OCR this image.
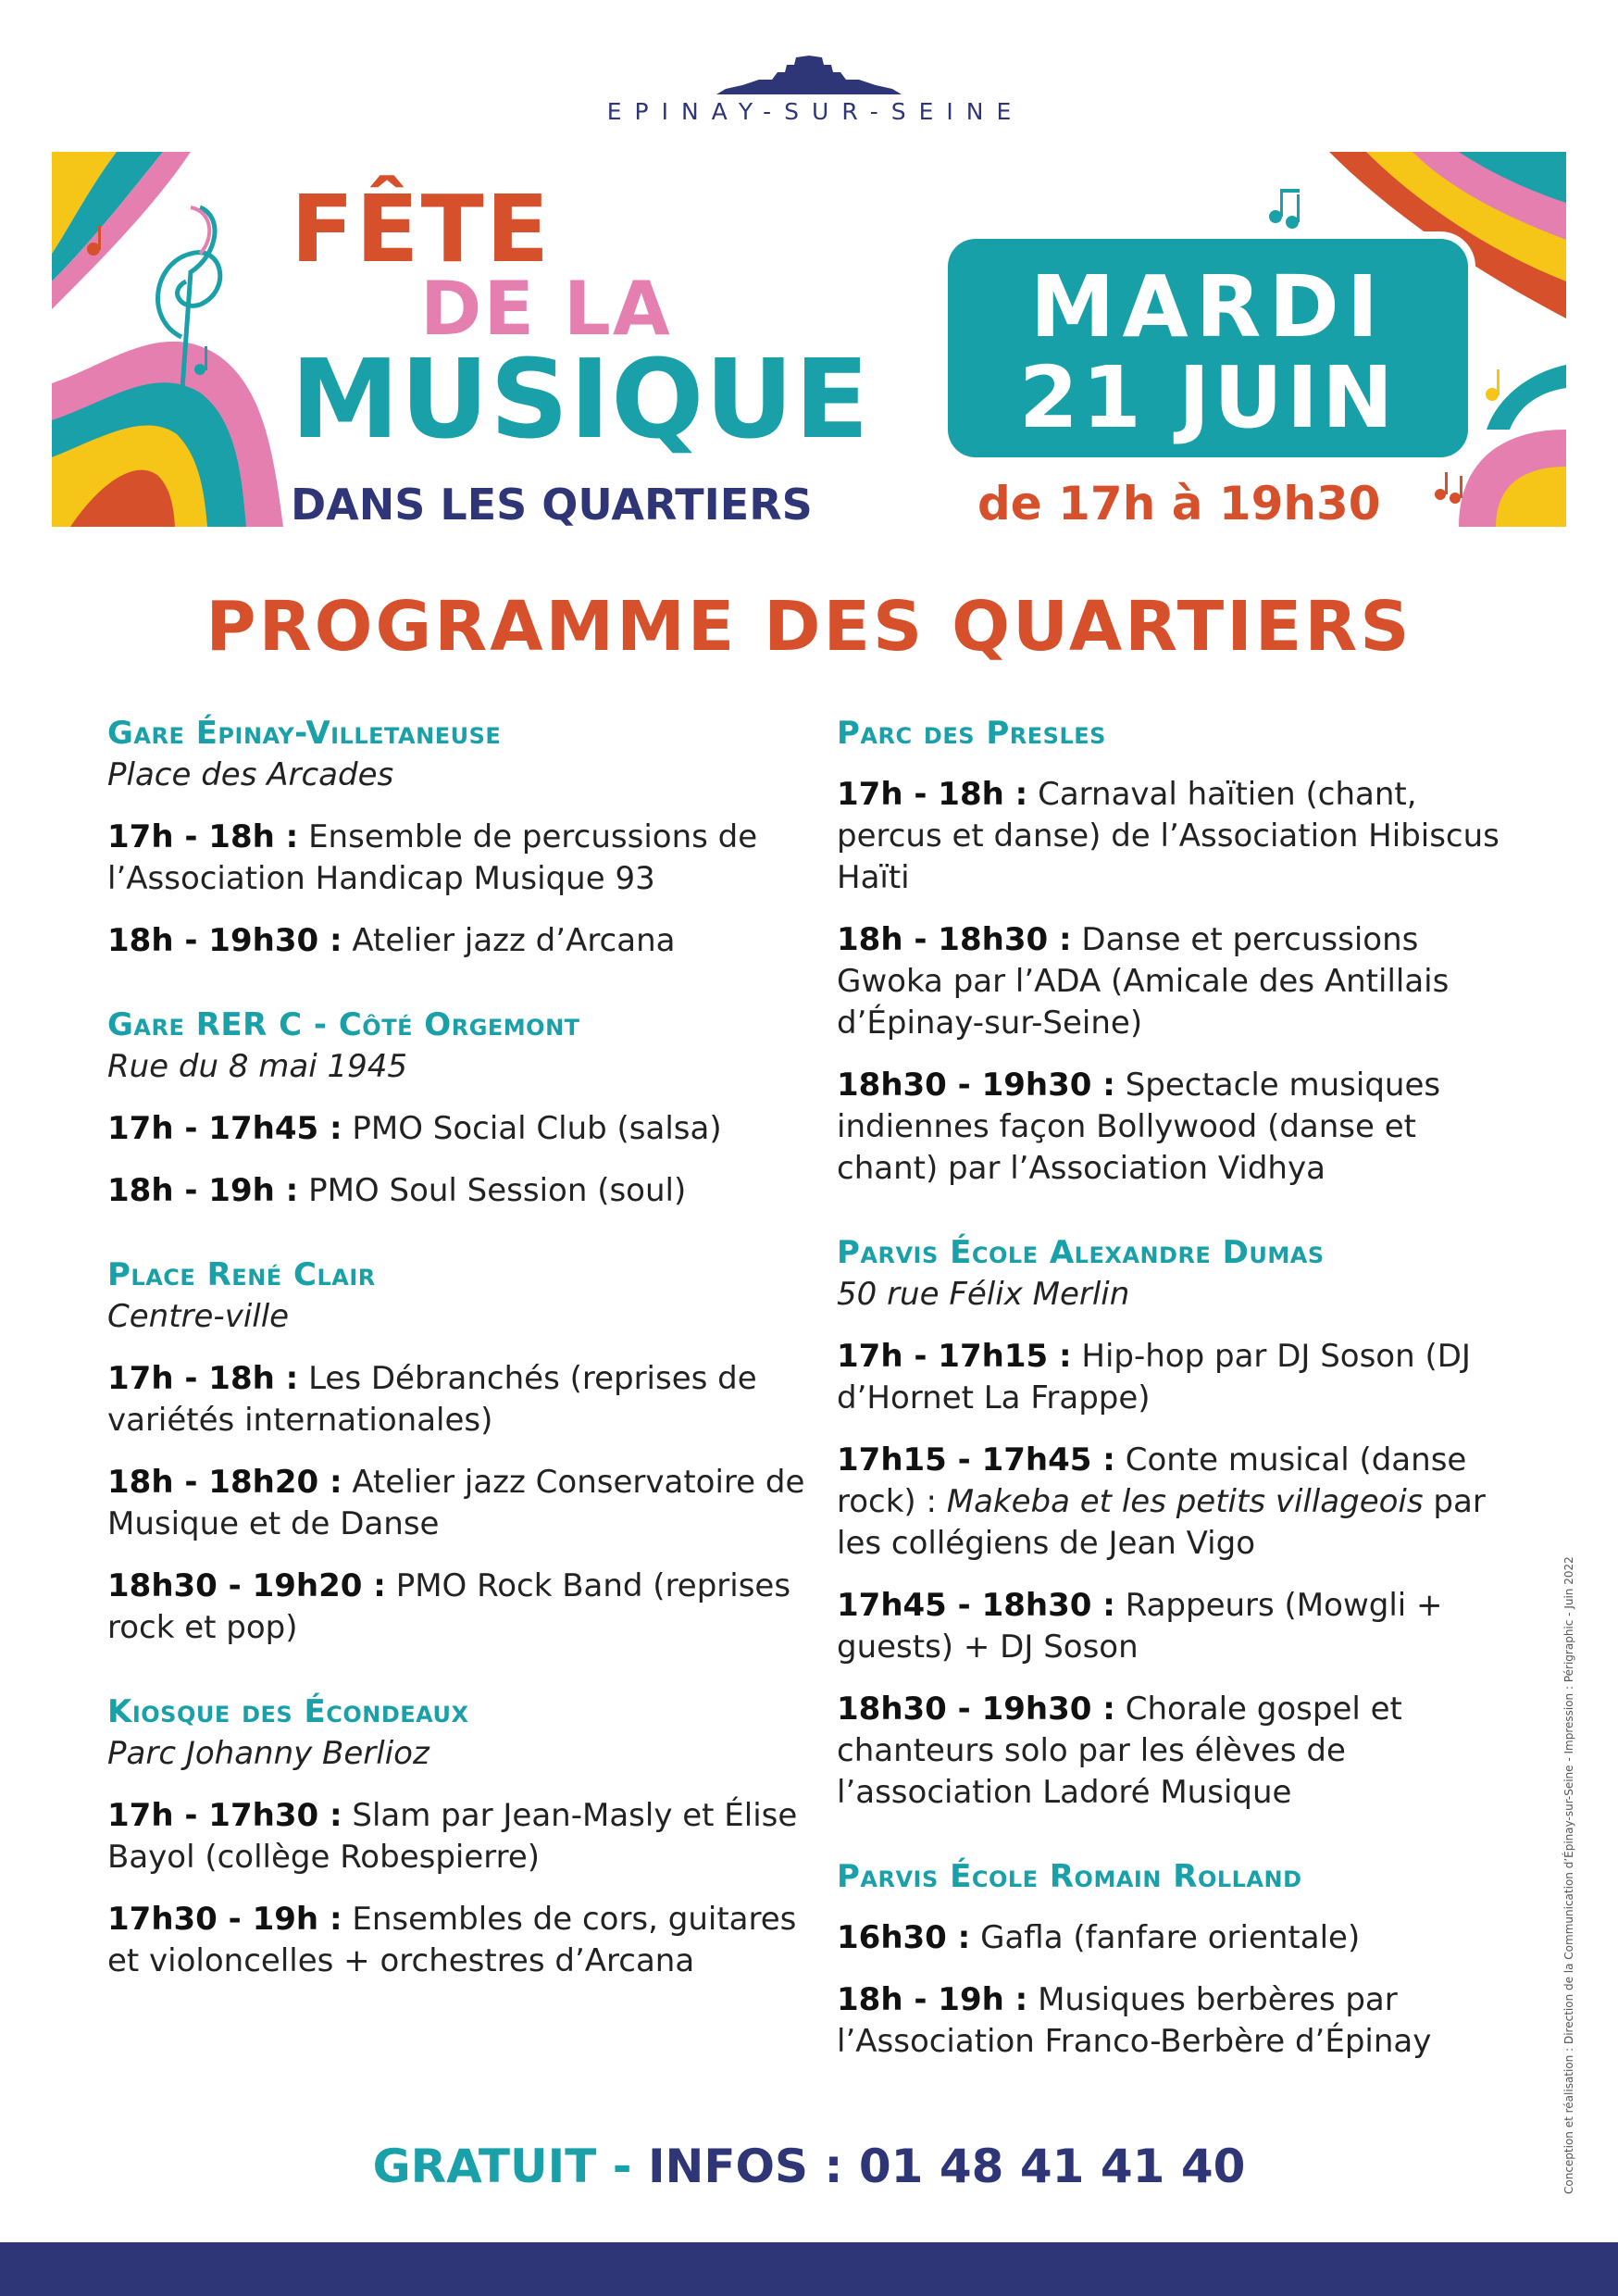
EPINAY-SUR-SEINE
FÊTE
DE LA
MUSIQUE
DANS LES QUARTIERS
MARDI
21 JUIN
de 17h à 19h30
PROGRAMME DES QUARTIERS
Gare Épinay-Villetaneuse
Place des Arcades
17h - 18h : Ensemble de percussions de l’Association Handicap Musique 93
18h - 19h30 : Atelier jazz d’Arcana
Gare RER C - Côté Orgemont
Rue du 8 mai 1945
17h - 17h45 : PMO Social Club (salsa)
18h - 19h : PMO Soul Session (soul)
Place René Clair
Centre-ville
17h - 18h : Les Débranchés (reprises de variétés internationales)
18h - 18h20 : Atelier jazz Conservatoire de Musique et de Danse
18h30 - 19h20 : PMO Rock Band (reprises rock et pop)
Kiosque des Écondeaux
Parc Johanny Berlioz
17h - 17h30 : Slam par Jean-Masly et Élise Bayol (collège Robespierre)
17h30 - 19h : Ensembles de cors, guitares et violoncelles + orchestres d’Arcana
Parc des Presles
17h - 18h : Carnaval haïtien (chant, percus et danse) de l’Association Hibiscus Haïti
18h - 18h30 : Danse et percussions Gwoka par l’ADA (Amicale des Antillais d’Épinay-sur-Seine)
18h30 - 19h30 : Spectacle musiques indiennes façon Bollywood (danse et chant) par l’Association Vidhya
Parvis École Alexandre Dumas
50 rue Félix Merlin
17h - 17h15 : Hip-hop par DJ Soson (DJ d’Hornet La Frappe)
17h15 - 17h45 : Conte musical (danse rock) : Makeba et les petits villageois par les collégiens de Jean Vigo
17h45 - 18h30 : Rappeurs (Mowgli + guests) + DJ Soson
18h30 - 19h30 : Chorale gospel et chanteurs solo par les élèves de l’association Ladoré Musique
Parvis École Romain Rolland
16h30 : Gafla (fanfare orientale)
18h - 19h : Musiques berbères par l’Association Franco-Berbère d’Épinay
GRATUIT - INFOS : 01 48 41 41 40	Conception et réalisation : Direction de la Communication d’Épinay-sur-Seine - Impression : Périgraphic - Juin 2022
